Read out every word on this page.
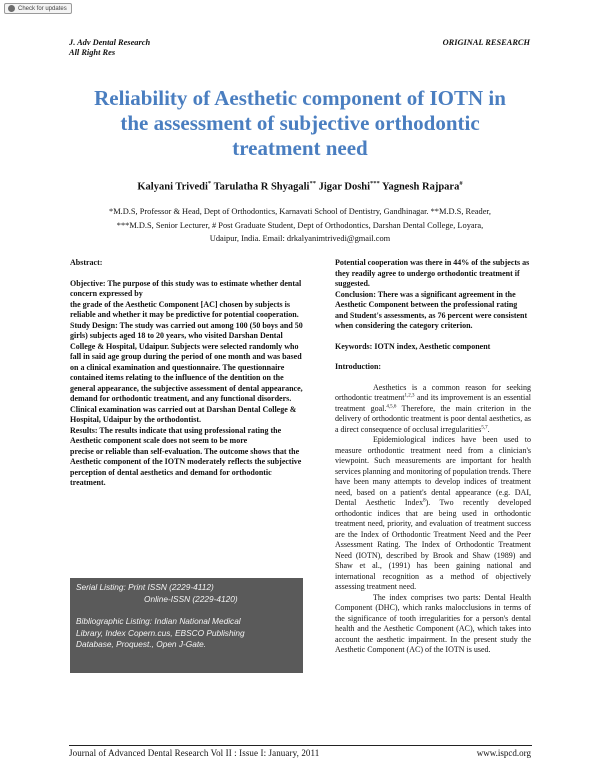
Check for updates
J. Adv Dental Research
All Right Res
ORIGINAL RESEARCH
Reliability of Aesthetic component of IOTN in
the assessment of subjective orthodontic
treatment need
Kalyani Trivedi* Tarulatha R Shyagali** Jigar Doshi*** Yagnesh Rajpara#
*M.D.S, Professor & Head, Dept of Orthodontics, Karnavati School of Dentistry, Gandhinagar. **M.D.S, Reader,
***M.D.S, Senior Lecturer, # Post Graduate Student, Dept of Orthodontics, Darshan Dental College, Loyara,
Udaipur, India. Email: drkalyanimtrivedi@gmail.com

Abstract:

Objective: The purpose of this study was to estimate whether dental concern expressed by

the grade of the Aesthetic Component [AC] chosen by subjects is reliable and whether it may be predictive for potential cooperation.

Study Design: The study was carried out among 100 (50 boys and 50 girls) subjects aged 18 to 20 years, who visited Darshan Dental College & Hospital, Udaipur. Subjects were selected randomly who fall in said age group during the period of one month and was based on a clinical examination and questionnaire. The questionnaire contained items relating to the influence of the dentition on the general appearance, the subjective assessment of dental appearance, demand for orthodontic treatment, and any functional disorders. Clinical examination was carried out at Darshan Dental College & Hospital, Udaipur by the orthodontist.

Results: The results indicate that using professional rating the Aesthetic component scale does not seem to be more

precise or reliable than self-evaluation. The outcome shows that the Aesthetic component of the IOTN moderately reflects the subjective perception of dental aesthetics and demand for orthodontic treatment.

Serial Listing: Print ISSN (2229-4112)
Online-ISSN (2229-4120)
Bibliographic Listing: Indian National Medical
Library, Index Copern.cus, EBSCO Publishing
Database, Proquest., Open J-Gate.

Potential cooperation was there in 44% of the subjects as they readily agree to undergo orthodontic treatment if suggested.

Conclusion: There was a significant agreement in the Aesthetic Component between the professional rating and Student's assessments, as 76 percent were consistent when considering the category criterion.

Keywords: IOTN index, Aesthetic component

Introduction:

Aesthetics is a common reason for seeking orthodontic treatment$^{1,2,3}$ and its improvement is an essential treatment goal.$^{4,5,6}$ Therefore, the main criterion in the delivery of orthodontic treatment is poor dental aesthetics, as a direct consequence of occlusal irregularities$^{5,7}$.

Epidemiological indices have been used to measure orthodontic treatment need from a clinician's viewpoint. Such measurements are important for health services planning and monitoring of population trends. There have been many attempts to develop indices of treatment need, based on a patient's dental appearance (e.g. DAI, Dental Aesthetic Index$^8$). Two recently developed orthodontic indices that are being used in orthodontic treatment need, priority, and evaluation of treatment success are the Index of Orthodontic Treatment Need and the Peer Assessment Rating. The Index of Orthodontic Treatment Need (IOTN), described by Brook and Shaw (1989) and Shaw et al., (1991) has been gaining national and international recognition as a method of objectively assessing treatment need.

The index comprises two parts: Dental Health Component (DHC), which ranks malocclusions in terms of the significance of tooth irregularities for a person's dental health and the Aesthetic Component (AC), which takes into account the aesthetic impairment. In the present study the Aesthetic Component (AC) of the IOTN is used.

Journal of Advanced Dental Research Vol II : Issue I: January, 2011	www.ispcd.org
